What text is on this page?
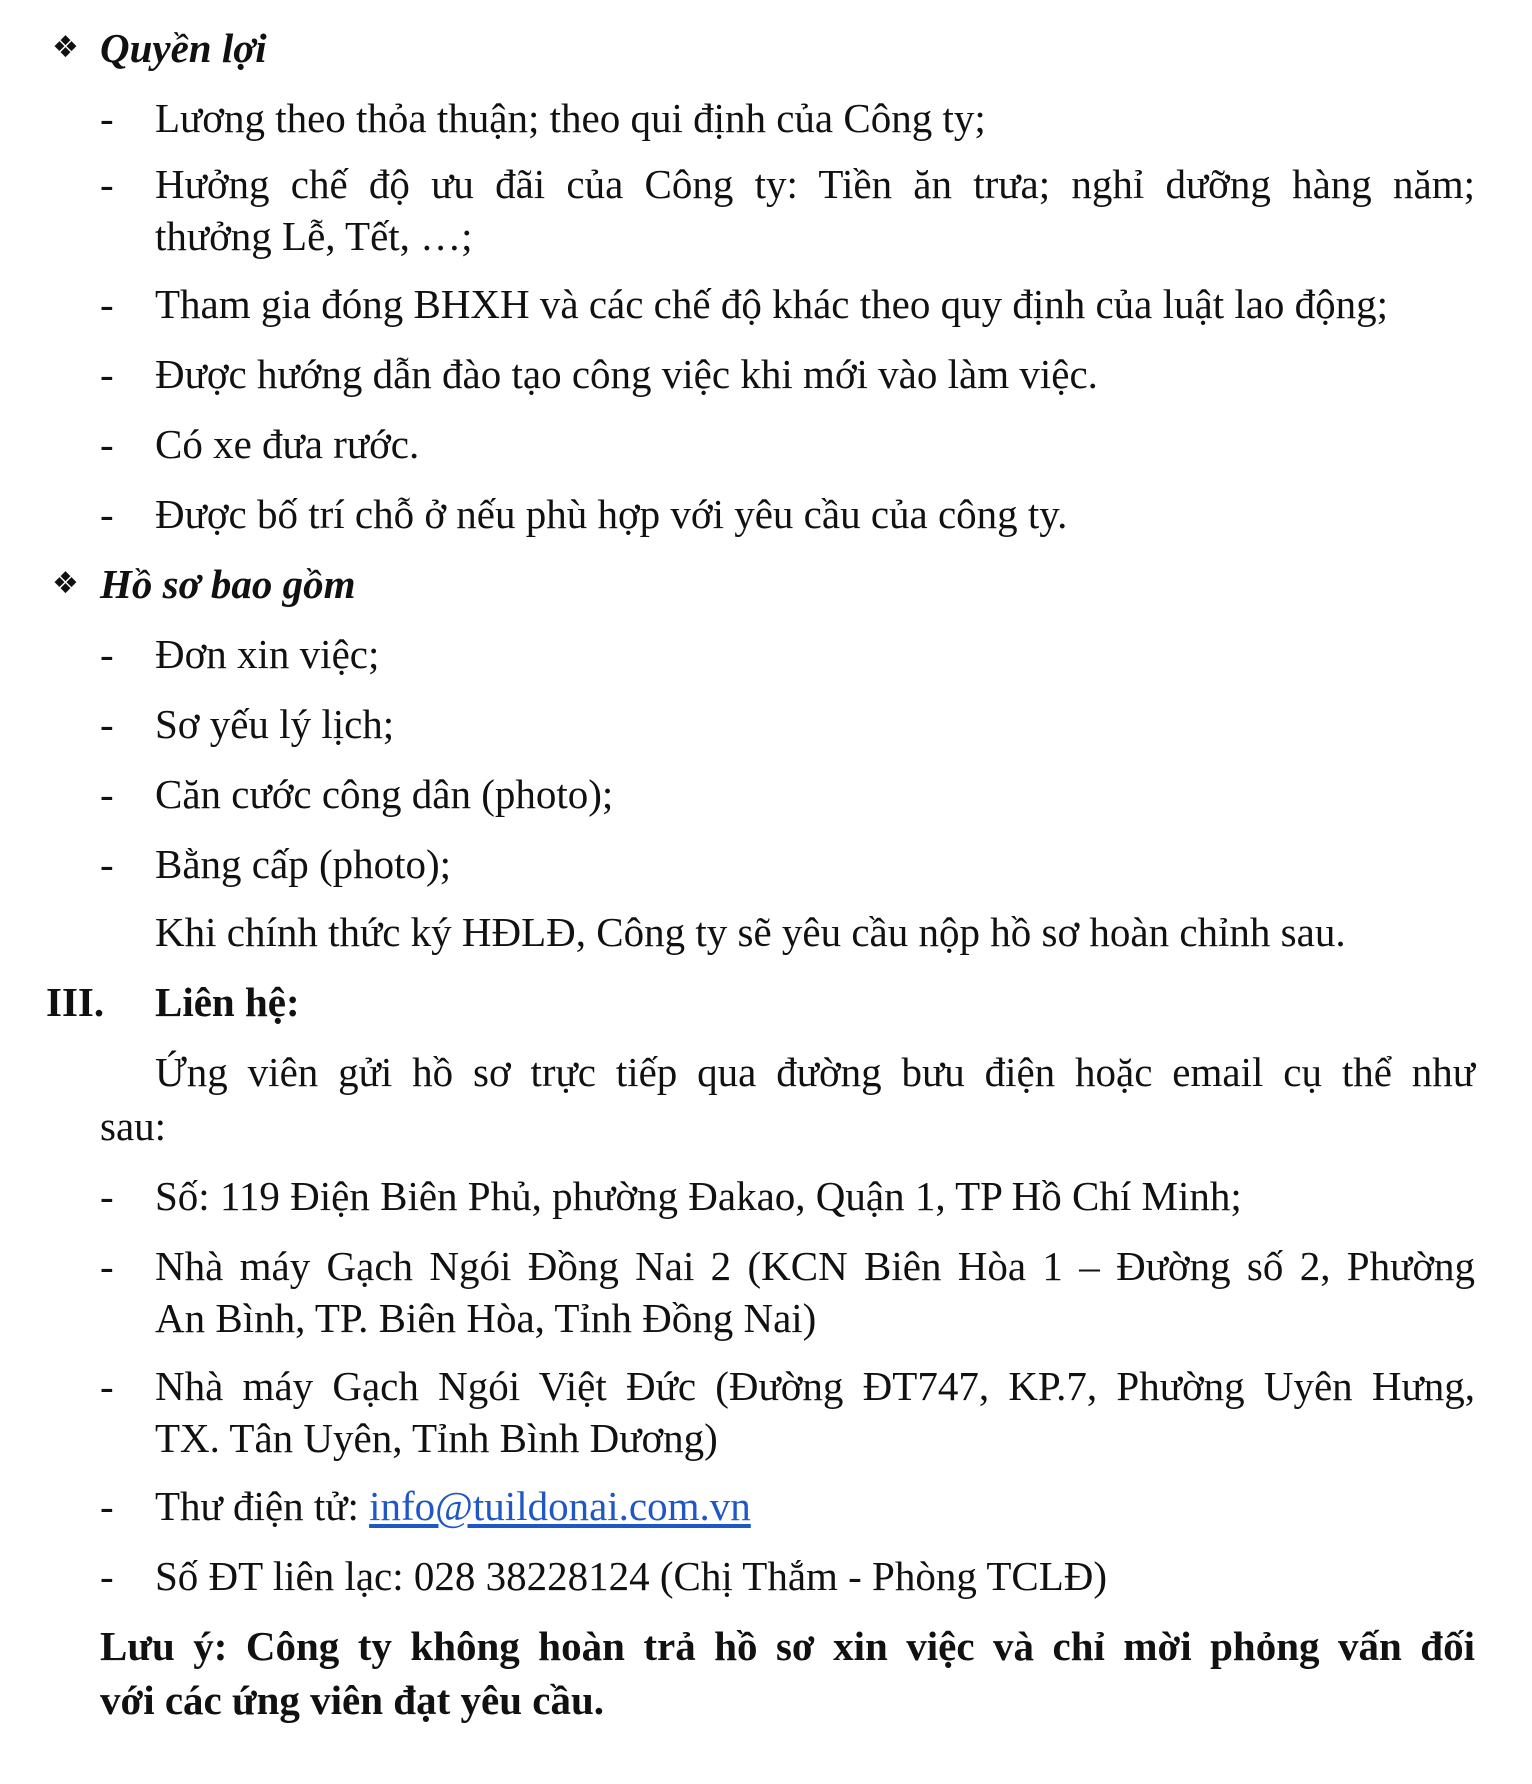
❖ Quyền lợi
- Lương theo thỏa thuận; theo qui định của Công ty;
- Hưởng chế độ ưu đãi của Công ty: Tiền ăn trưa; nghỉ dưỡng hàng năm;
thưởng Lễ, Tết, …;
- Tham gia đóng BHXH và các chế độ khác theo quy định của luật lao động;
- Được hướng dẫn đào tạo công việc khi mới vào làm việc.
- Có xe đưa rước.
- Được bố trí chỗ ở nếu phù hợp với yêu cầu của công ty.
❖ Hồ sơ bao gồm
- Đơn xin việc;
- Sơ yếu lý lịch;
- Căn cước công dân (photo);
- Bằng cấp (photo);
Khi chính thức ký HĐLĐ, Công ty sẽ yêu cầu nộp hồ sơ hoàn chỉnh sau.
III. Liên hệ:
Ứng viên gửi hồ sơ trực tiếp qua đường bưu điện hoặc email cụ thể như
sau:
- Số: 119 Điện Biên Phủ, phường Đakao, Quận 1, TP Hồ Chí Minh;
- Nhà máy Gạch Ngói Đồng Nai 2 (KCN Biên Hòa 1 – Đường số 2, Phường
An Bình, TP. Biên Hòa, Tỉnh Đồng Nai)
- Nhà máy Gạch Ngói Việt Đức (Đường ĐT747, KP.7, Phường Uyên Hưng,
TX. Tân Uyên, Tỉnh Bình Dương)
- Thư điện tử: info@tuildonai.com.vn
- Số ĐT liên lạc: 028 38228124 (Chị Thắm - Phòng TCLĐ)
Lưu ý: Công ty không hoàn trả hồ sơ xin việc và chỉ mời phỏng vấn đối
với các ứng viên đạt yêu cầu.
